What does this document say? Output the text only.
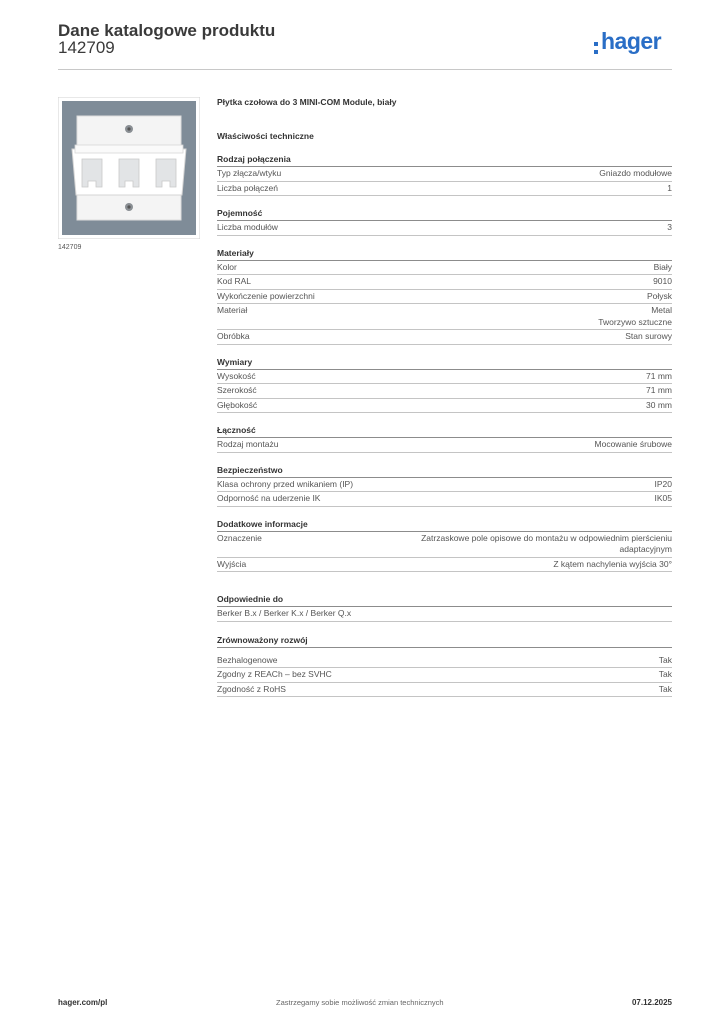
Dane katalogowe produktu
142709	hager
142709
Płytka czołowa do 3 MINI-COM Module, biały
Właściwości techniczne
Rodzaj połączenia
Typ złącza/wtyku	Gniazdo modułowe
Liczba połączeń	1
Pojemność
Liczba modułów	3
Materiały
Kolor	Biały
Kod RAL	9010
Wykończenie powierzchni	Połysk
Materiał	Metal
Tworzywo sztuczne
Obróbka	Stan surowy
Wymiary
Wysokość	71 mm
Szerokość	71 mm
Głębokość	30 mm
Łączność
Rodzaj montażu	Mocowanie śrubowe
Bezpieczeństwo
Klasa ochrony przed wnikaniem (IP)	IP20
Odporność na uderzenie IK	IK05
Dodatkowe informacje
Oznaczenie	Zatrzaskowe pole opisowe do montażu w odpowiednim pierścieniu
adaptacyjnym
Wyjścia	Z kątem nachylenia wyjścia 30°
Odpowiednie do
Berker B.x / Berker K.x / Berker Q.x
Zrównoważony rozwój
Bezhalogenowe	Tak
Zgodny z REACh – bez SVHC	Tak
Zgodność z RoHS	Tak
hager.com/pl	Zastrzegamy sobie możliwość zmian technicznych	07.12.2025
